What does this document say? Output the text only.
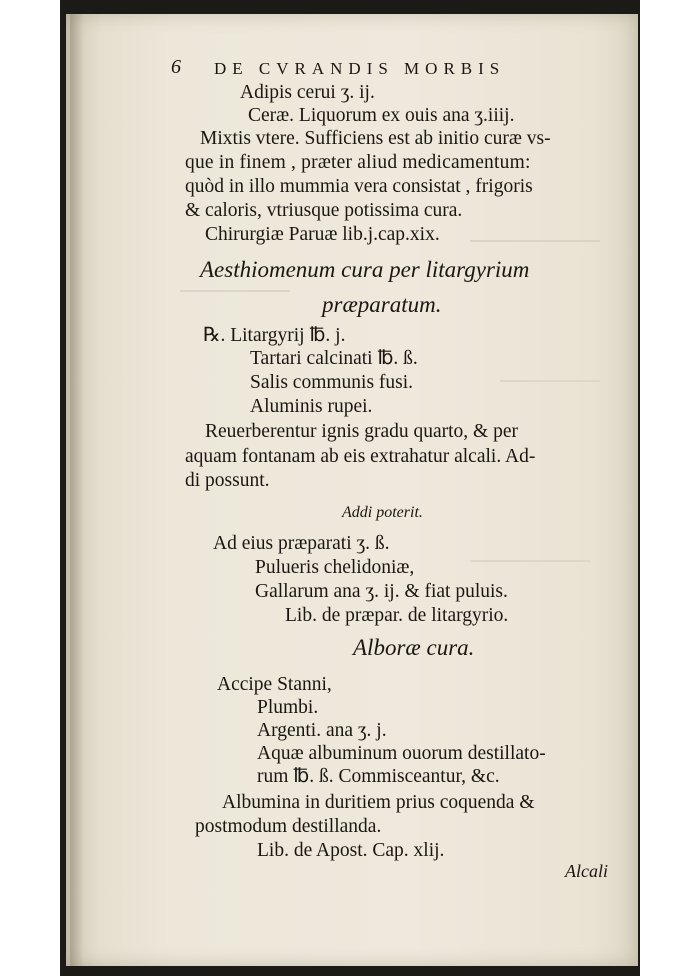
6 DE CVRANDIS MORBIS
Adipis cerui ʒ. ij.
Ceræ. Liquorum ex ouis ana ʒ.iiij.
Mixtis vtere. Sufficiens est ab initio curæ vs-
que in finem , præter aliud medicamentum:
quòd in illo mummia vera consistat , frigoris
& caloris, vtriusque potissima cura.
Chirurgiæ Paruæ lib.j.cap.xix.
Aesthiomenum cura per litargyrium
præparatum.
℞. Litargyrij ℔. j.
Tartari calcinati ℔. ß.
Salis communis fusi.
Aluminis rupei.
Reuerberentur ignis gradu quarto, & per
aquam fontanam ab eis extrahatur alcali. Ad-
di possunt.
Addi poterit.
Ad eius præparati ʒ. ß.
Pulueris chelidoniæ,
Gallarum ana ʒ. ij. & fiat puluis.
Lib. de præpar. de litargyrio.
Alboræ cura.
Accipe Stanni,
Plumbi.
Argenti. ana ʒ. j.
Aquæ albuminum ouorum destillato-
rum ℔. ß. Commisceantur, &c.
Albumina in duritiem prius coquenda &
postmodum destillanda.
Lib. de Apost. Cap. xlij.
Alcali
